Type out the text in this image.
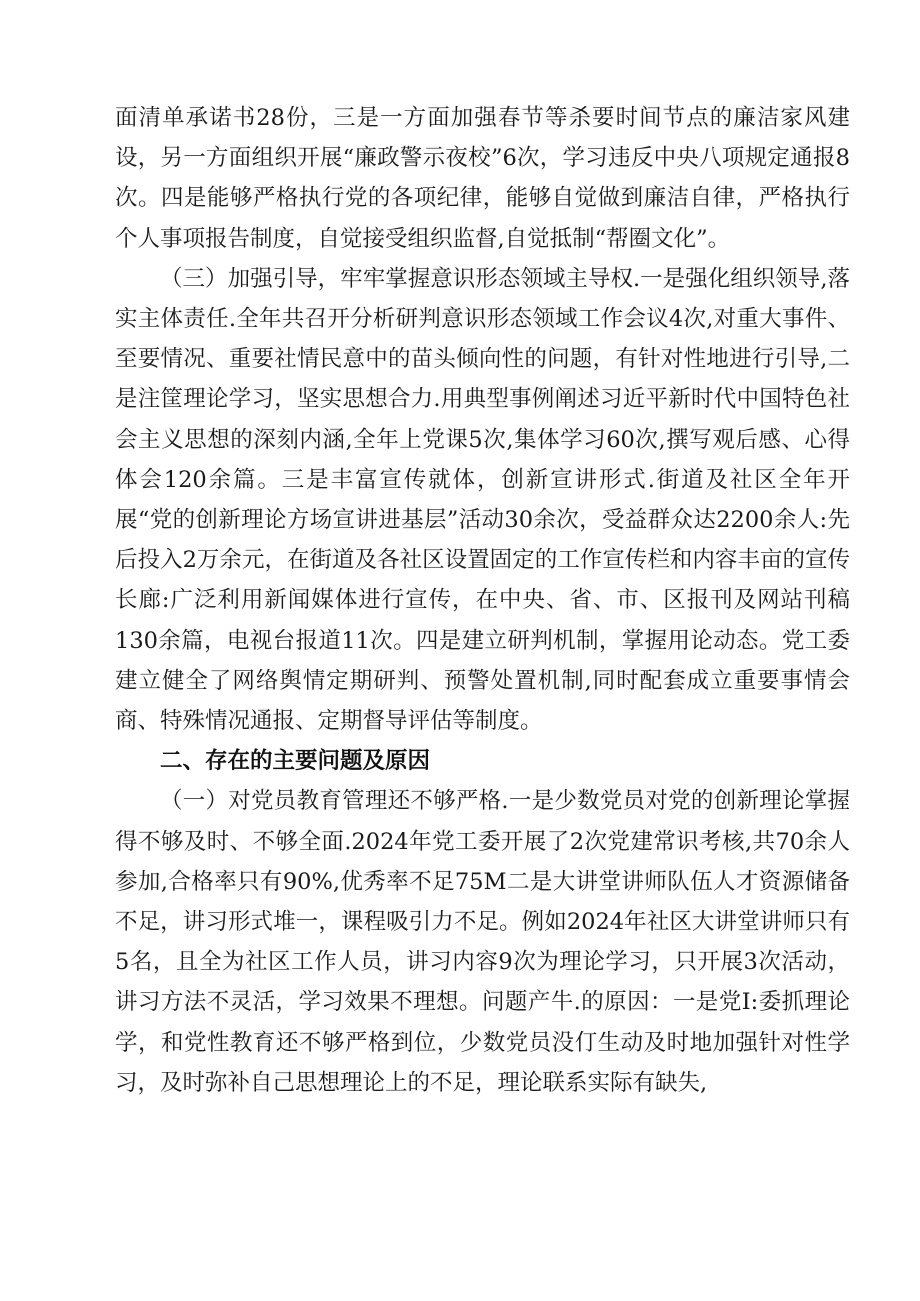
面清单承诺书28份，三是一方面加强春节等杀要时间节点的廉洁家风建设，另一方面组织开展“廉政警示夜校”6次，学习违反中央八项规定通报8次。四是能够严格执行党的各项纪律，能够自觉做到廉洁自律，严格执行个人事项报告制度，自觉接受组织监督,自觉抵制“帮圈文化”。

（三）加强引导，牢牢掌握意识形态领域主导权.一是强化组织领导,落实主体责任.全年共召开分析研判意识形态领域工作会议4次,对重大事件、至要情况、重要社情民意中的苗头倾向性的问题，有针对性地进行引导,二是注筐理论学习，坚实思想合力.用典型事例阐述习近平新时代中国特色社会主义思想的深刻内涵,全年上党课5次,集体学习60次,撰写观后感、心得体会120余篇。三是丰富宣传就体，创新宣讲形式.街道及社区全年开展“党的创新理论方场宣讲进基层”活动30余次，受益群众达2200余人:先后投入2万余元，在街道及各社区设置固定的工作宣传栏和内容丰亩的宣传长廊:广泛利用新闻媒体进行宣传，在中央、省、市、区报刊及网站刊稿130余篇，电视台报道11次。四是建立研判机制，掌握用论动态。党工委建立健全了网络舆情定期研判、预警处置机制,同时配套成立重要事情会商、特殊情况通报、定期督导评估等制度。

二、存在的主要问题及原因

（一）对党员教育管理还不够严格.一是少数党员对党的创新理论掌握得不够及时、不够全面.2024年党工委开展了2次党建常识考核,共70余人参加,合格率只有90%,优秀率不足75M二是大讲堂讲师队伍人才资源储备不足，讲习形式堆一，课程吸引力不足。例如2024年社区大讲堂讲师只有5名，且全为社区工作人员，讲习内容9次为理论学习，只开展3次活动，讲习方法不灵活，学习效果不理想。问题产牛.的原因：一是党I:委抓理论学，和党性教育还不够严格到位，少数党员没仃生动及时地加强针对性学习，及时弥补自己思想理论上的不足，理论联系实际有缺失,
